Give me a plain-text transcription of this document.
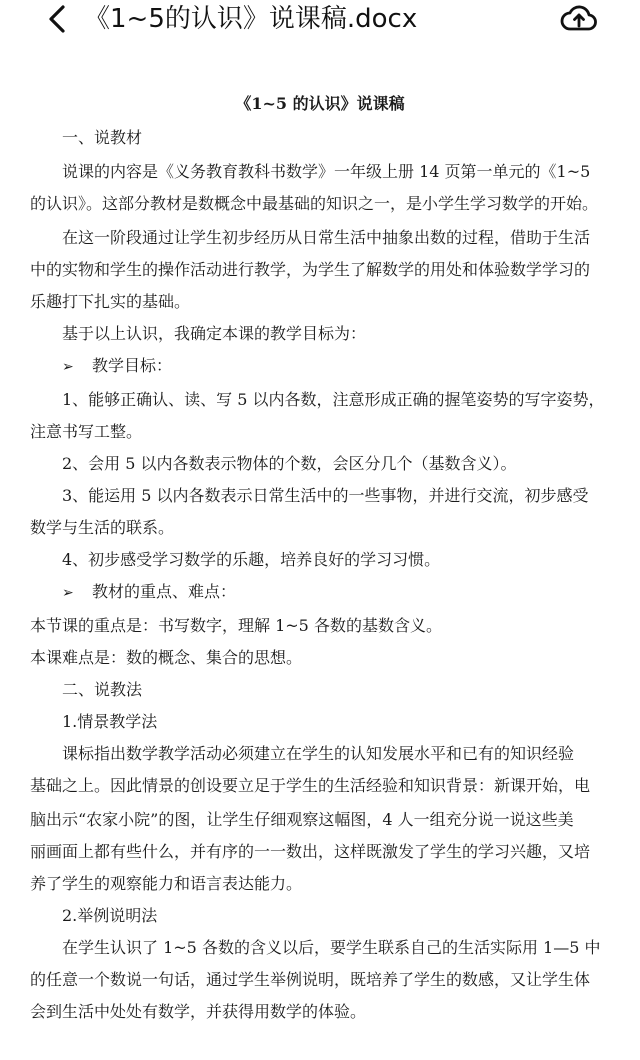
《1~5的认识》说课稿.docx
《1~5 的认识》说课稿
一、说教材
说课的内容是《义务教育教科书数学》一年级上册 14 页第一单元的《1~5
的认识》。这部分教材是数概念中最基础的知识之一，是小学生学习数学的开始。
在这一阶段通过让学生初步经历从日常生活中抽象出数的过程，借助于生活
中的实物和学生的操作活动进行教学，为学生了解数学的用处和体验数学学习的
乐趣打下扎实的基础。
基于以上认识，我确定本课的教学目标为：
➢ 教学目标：
1、能够正确认、读、写 5 以内各数，注意形成正确的握笔姿势的写字姿势，
注意书写工整。
2、会用 5 以内各数表示物体的个数，会区分几个（基数含义）。
3、能运用 5 以内各数表示日常生活中的一些事物，并进行交流，初步感受
数学与生活的联系。
4、初步感受学习数学的乐趣，培养良好的学习习惯。
➢ 教材的重点、难点：
本节课的重点是：书写数字，理解 1~5 各数的基数含义。
本课难点是：数的概念、集合的思想。
二、说教法
1.情景教学法
课标指出数学教学活动必须建立在学生的认知发展水平和已有的知识经验
基础之上。因此情景的创设要立足于学生的生活经验和知识背景：新课开始，电
脑出示“农家小院”的图，让学生仔细观察这幅图，4 人一组充分说一说这些美
丽画面上都有些什么，并有序的一一数出，这样既激发了学生的学习兴趣，又培
养了学生的观察能力和语言表达能力。
2.举例说明法
在学生认识了 1~5 各数的含义以后，要学生联系自己的生活实际用 1—5 中
的任意一个数说一句话，通过学生举例说明，既培养了学生的数感，又让学生体
会到生活中处处有数学，并获得用数学的体验。
